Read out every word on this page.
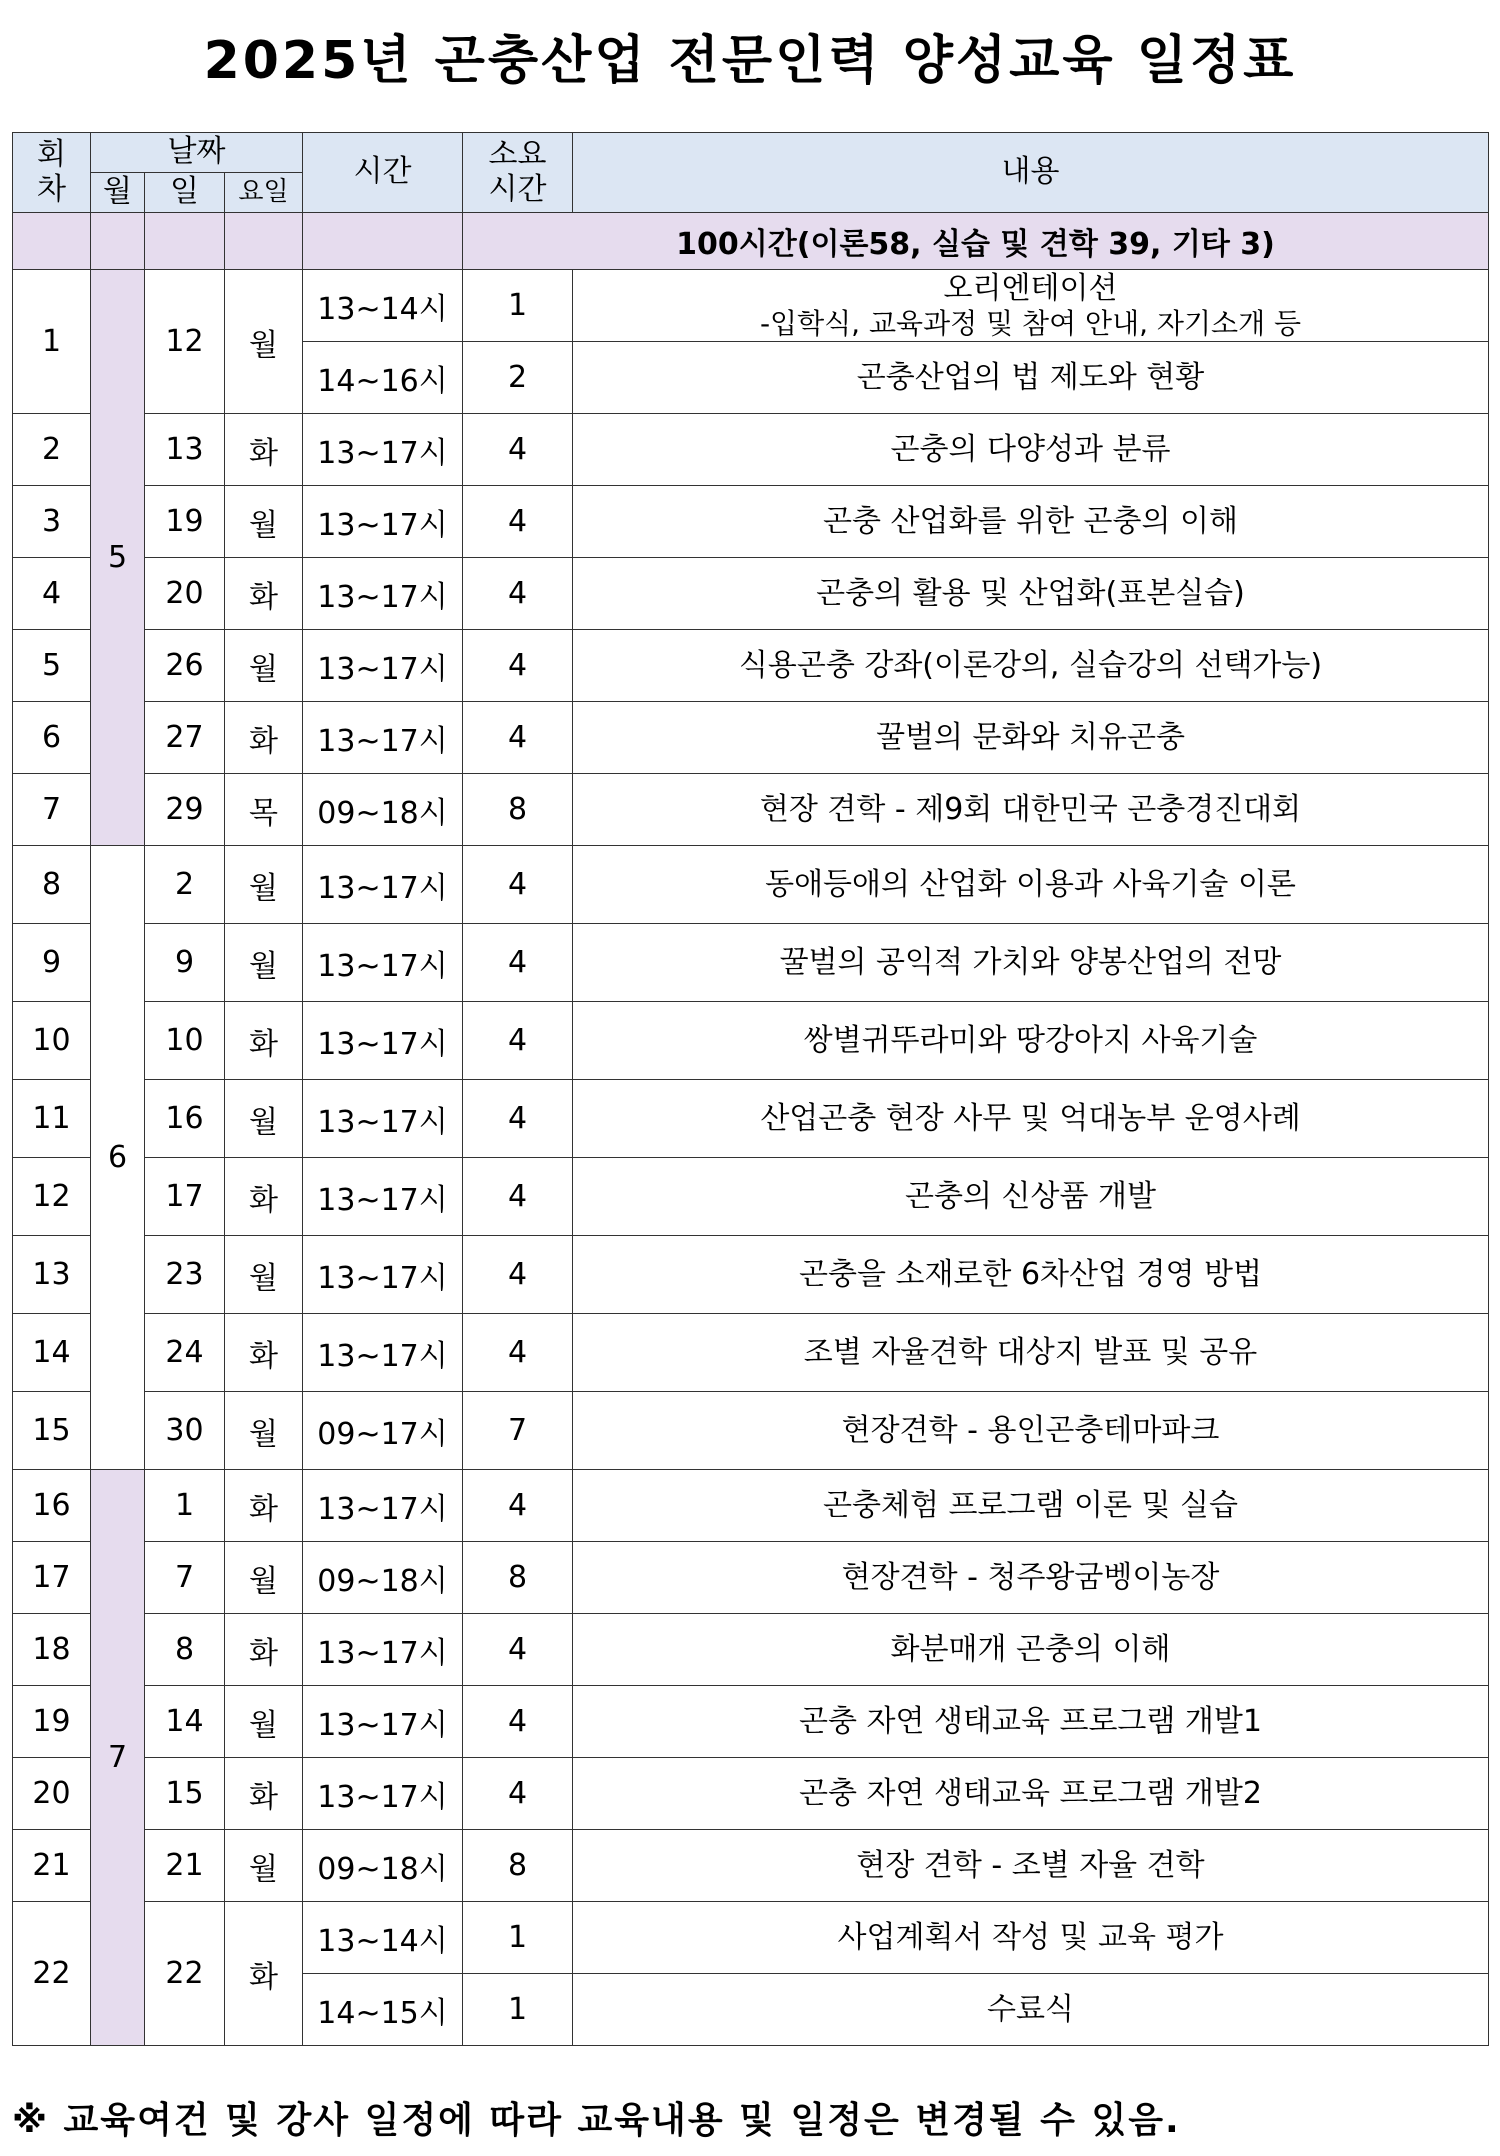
2025년 곤충산업 전문인력 양성교육 일정표
회
차	날짜			시간	소요
시간	내용
	월	일	요일			
					100시간(이론58, 실습 및 견학 39, 기타 3)	
1	5	12	월	13~14시	1	오리엔테이션
-입학식, 교육과정 및 참여 안내, 자기소개 등

				14~16시	2	곤충산업의 법 제도와 현황
2		13	화	13~17시	4	곤충의 다양성과 분류
3		19	월	13~17시	4	곤충 산업화를 위한 곤충의 이해
4		20	화	13~17시	4	곤충의 활용 및 산업화(표본실습)
5		26	월	13~17시	4	식용곤충 강좌(이론강의, 실습강의 선택가능)
6		27	화	13~17시	4	꿀벌의 문화와 치유곤충
7		29	목	09~18시	8	현장 견학 - 제9회 대한민국 곤충경진대회
8	6	2	월	13~17시	4	동애등애의 산업화 이용과 사육기술 이론
9		9	월	13~17시	4	꿀벌의 공익적 가치와 양봉산업의 전망
10		10	화	13~17시	4	쌍별귀뚜라미와 땅강아지 사육기술
11		16	월	13~17시	4	산업곤충 현장 사무 및 억대농부 운영사례
12		17	화	13~17시	4	곤충의 신상품 개발
13		23	월	13~17시	4	곤충을 소재로한 6차산업 경영 방법
14		24	화	13~17시	4	조별 자율견학 대상지 발표 및 공유
15		30	월	09~17시	7	현장견학 - 용인곤충테마파크
16	7	1	화	13~17시	4	곤충체험 프로그램 이론 및 실습
17		7	월	09~18시	8	현장견학 - 청주왕굼벵이농장
18		8	화	13~17시	4	화분매개 곤충의 이해
19		14	월	13~17시	4	곤충 자연 생태교육 프로그램 개발1
20		15	화	13~17시	4	곤충 자연 생태교육 프로그램 개발2
21		21	월	09~18시	8	현장 견학 - 조별 자율 견학
22		22	화	13~14시	1	사업계획서 작성 및 교육 평가
				14~15시	1	수료식
※ 교육여건 및 강사 일정에 따라 교육내용 및 일정은 변경될 수 있음.
